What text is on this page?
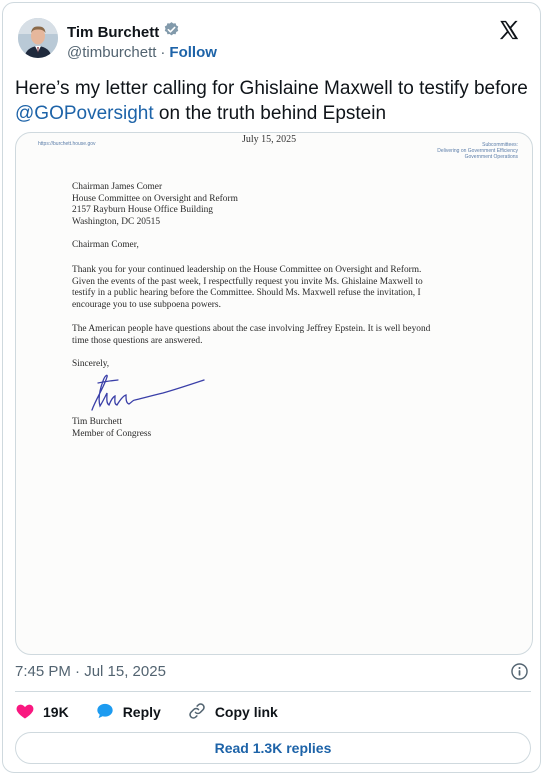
Tim Burchett
@timburchett · Follow
Here’s my letter calling for Ghislaine Maxwell to testify before @GOPoversight on the truth behind Epstein
https://burchett.house.gov	July 15, 2025	Subcommittees:
Delivering on Government Efficiency
Government Operations
Chairman James Comer
House Committee on Oversight and Reform
2157 Rayburn House Office Building
Washington, DC 20515
Chairman Comer,
Thank you for your continued leadership on the House Committee on Oversight and Reform.
Given the events of the past week, I respectfully request you invite Ms. Ghislaine Maxwell to
testify in a public hearing before the Committee. Should Ms. Maxwell refuse the invitation, I
encourage you to use subpoena powers.
The American people have questions about the case involving Jeffrey Epstein. It is well beyond
time those questions are answered.
Sincerely,
Tim Burchett
Member of Congress
7:45 PM · Jul 15, 2025
19K	Reply	Copy link
Read 1.3K replies
